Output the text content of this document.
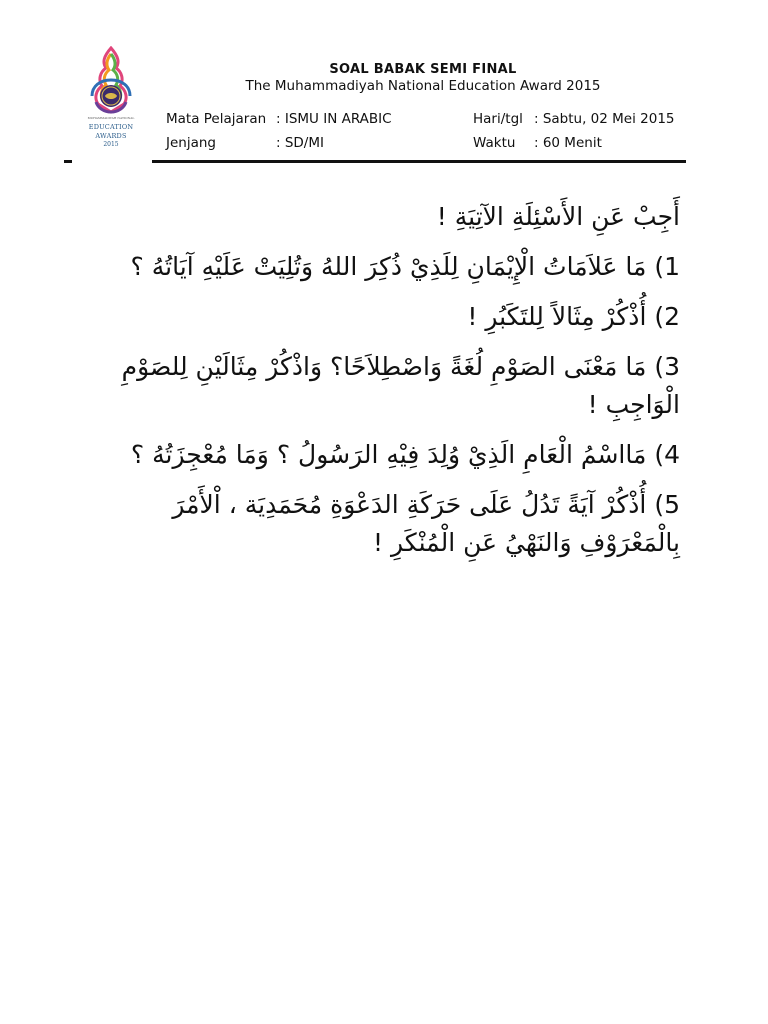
MUHAMMADIYAH NATIONAL
EDUCATION
AWARDS
2015
SOAL BABAK SEMI FINAL
The Muhammadiyah National Education Award 2015
Mata Pelajaran : ISMU IN ARABIC
Jenjang	: SD/MI
Hari/tgl : Sabtu, 02 Mei 2015
Waktu : 60 Menit

أَجِبْ عَنِ الأَسْئِلَةِ الآتِيَةِ !

1) مَا عَلاَمَاتُ الْإِيْمَانِ لِلَذِيْ ذُكِرَ اللهُ وَتُلِيَتْ عَلَيْهِ آيَاتُهُ ؟

2) أُذْكُرْ مِثَالاً لِلتَكَبُرِ !

3) مَا مَعْنَى الصَوْمِ لُغَةً وَاصْطِلاَحًا؟ وَاذْكُرْ مِثَالَيْنِ لِلصَوْمِ الْوَاجِبِ !

4) مَااسْمُ الْعَامِ الَذِيْ وُلِدَ فِيْهِ الرَسُولُ ؟ وَمَا مُعْجِزَتُهُ ؟

5) أُذْكُرْ آيَةً تَدُلُ عَلَى حَرَكَةِ الدَعْوَةِ مُحَمَدِيَة ، اْلأَمْرَ بِالْمَعْرَوْفِ وَالنَهْيُ عَنِ الْمُنْكَرِ !
